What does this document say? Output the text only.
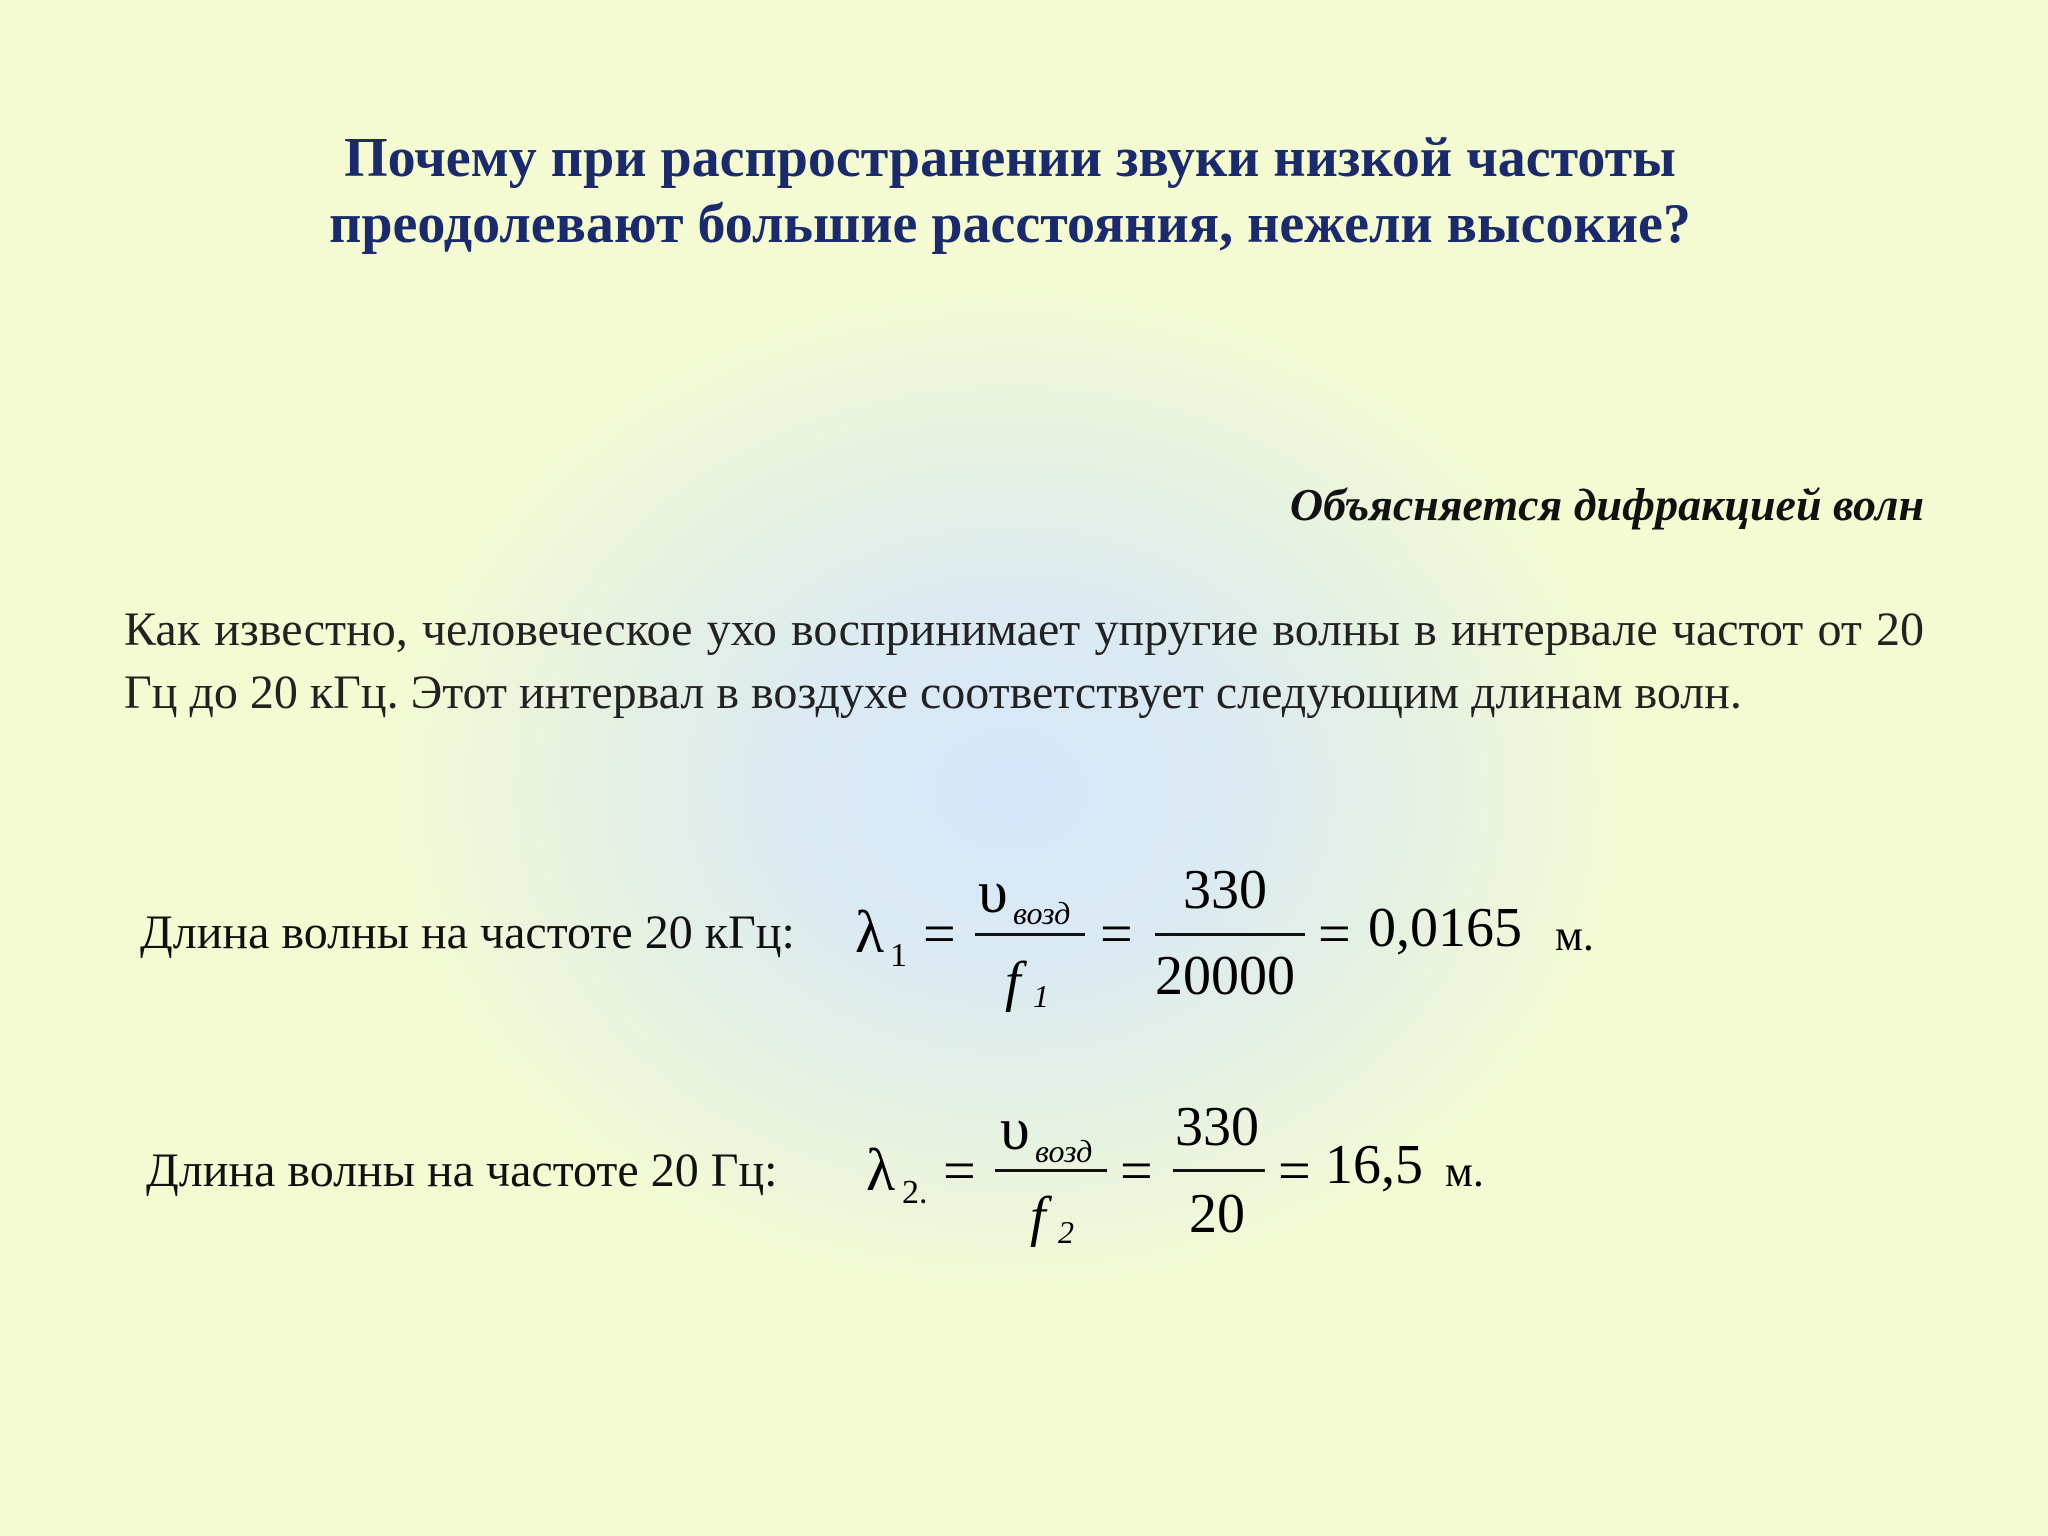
Почему при распространении звуки низкой частоты
преодолевают большие расстояния, нежели высокие?
Объясняется дифракцией волн
Как известно, человеческое ухо воспринимает упругие волны в интервале частот от 20 Гц до 20 кГц. Этот интервал в воздухе соответствует следующим длинам волн.
Длина волны на частоте 20 кГц: λ 1 =
υ возд
f 1
=
330
20000
= 0,0165 м.
Длина волны на частоте 20 Гц: λ 2. =
υ возд
f 2
=
330
20
= 16,5 м.
